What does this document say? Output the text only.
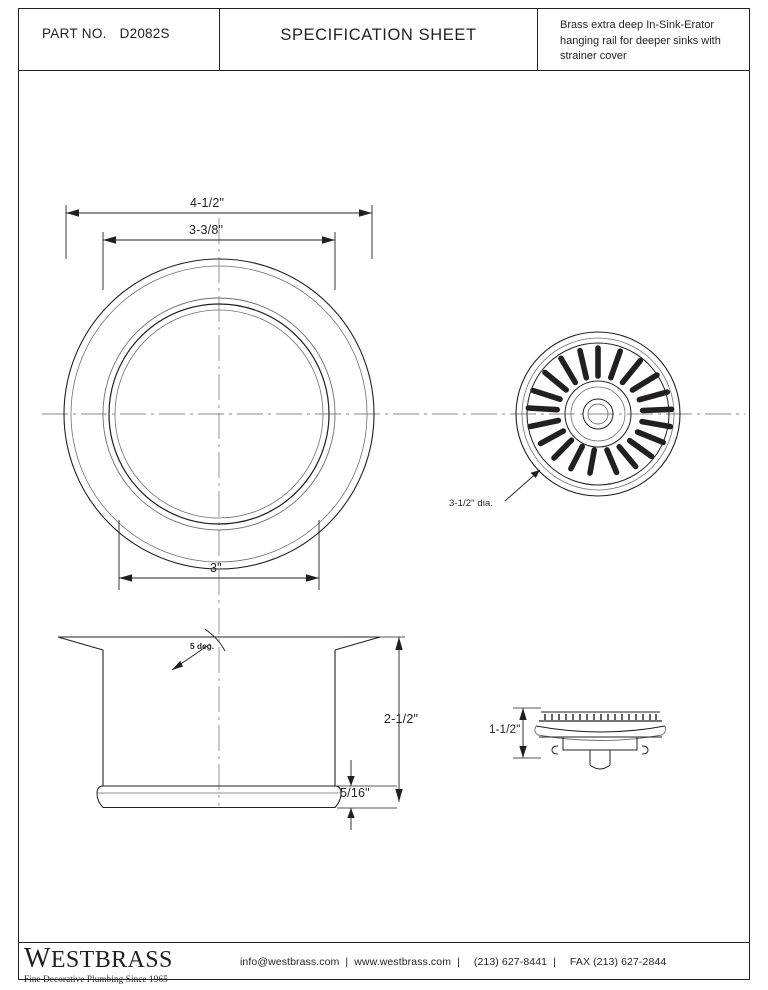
PART NO. D2082S	SPECIFICATION SHEET
Brass extra deep In-Sink-Erator hanging rail for deeper sinks with strainer cover
4-1/2"
3-3/8"
3"
3-1/2" dia.
2-1/2"
5/16"
5 deg.
1-1/2"
WESTBRASS
Fine Decorative Plumbing Since 1965
info@westbrass.com | www.westbrass.com | (213) 627-8441 | FAX (213) 627-2844
